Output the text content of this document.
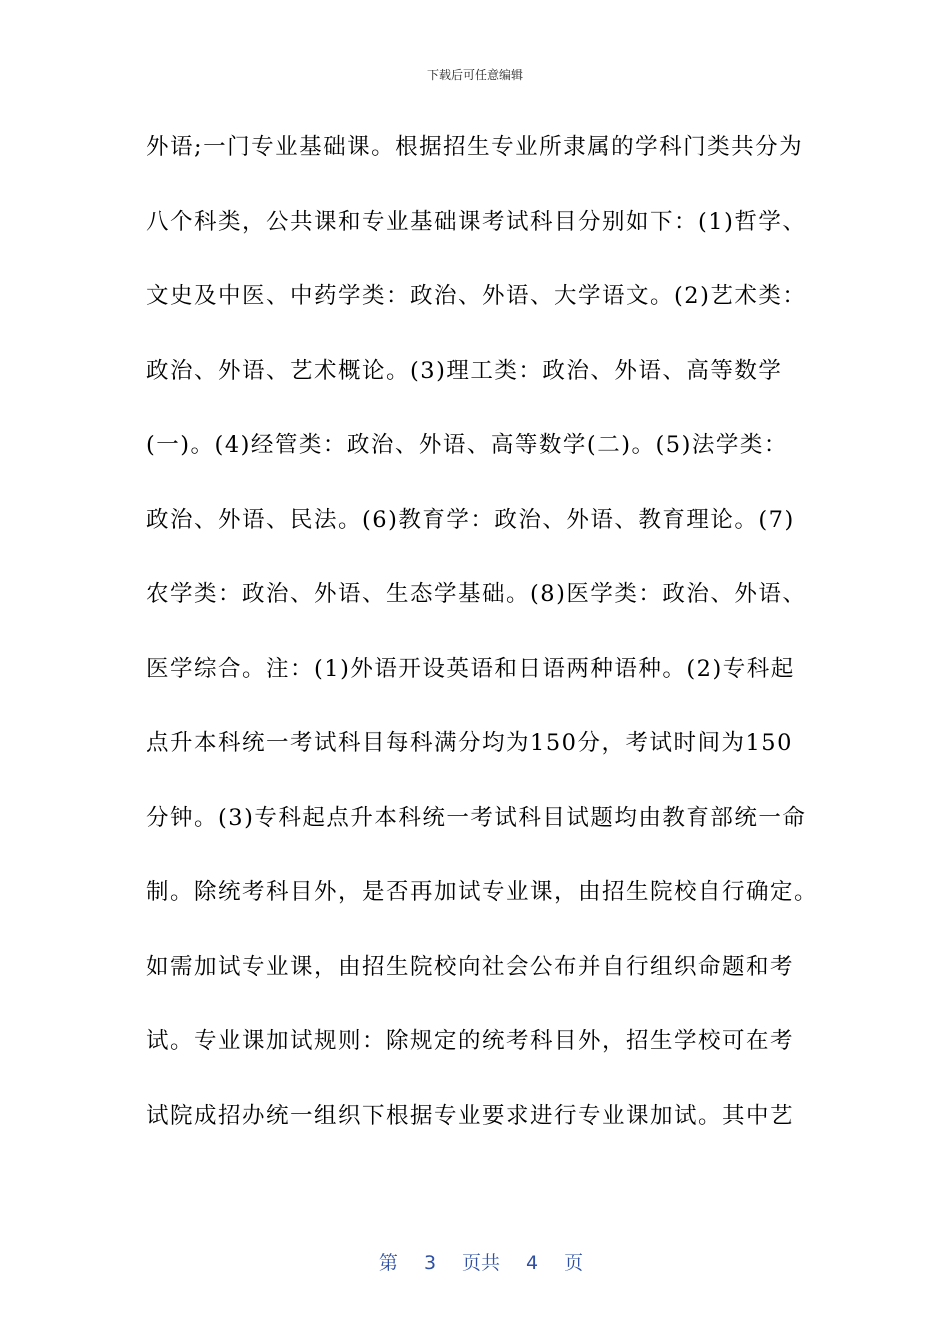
下载后可任意编辑
外语;一门专业基础课。根据招生专业所隶属的学科门类共分为
八个科类，公共课和专业基础课考试科目分别如下：(1)哲学、
文史及中医、中药学类：政治、外语、大学语文。(2)艺术类：
政治、外语、艺术概论。(3)理工类：政治、外语、高等数学
(一)。(4)经管类：政治、外语、高等数学(二)。(5)法学类：
政治、外语、民法。(6)教育学：政治、外语、教育理论。(7)
农学类：政治、外语、生态学基础。(8)医学类：政治、外语、
医学综合。注：(1)外语开设英语和日语两种语种。(2)专科起
点升本科统一考试科目每科满分均为150分，考试时间为150
分钟。(3)专科起点升本科统一考试科目试题均由教育部统一命
制。除统考科目外，是否再加试专业课，由招生院校自行确定。
如需加试专业课，由招生院校向社会公布并自行组织命题和考
试。专业课加试规则：除规定的统考科目外，招生学校可在考
试院成招办统一组织下根据专业要求进行专业课加试。其中艺

第 3 页共 4 页
